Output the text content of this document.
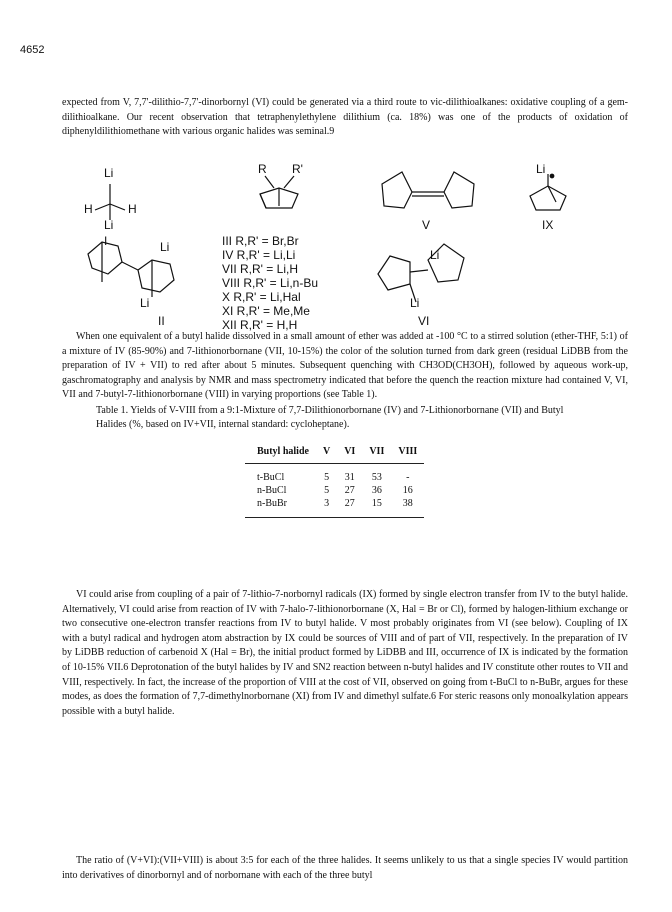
4652

expected from V, 7,7'-dilithio-7,7'-dinorbornyl (VI) could be generated via a third route to vic-dilithioalkanes: oxidative coupling of a gem-dilithioalkane. Our recent observation that tetraphenylethylene dilithium (ca. 18%) was one of the products of oxidation of diphenyldilithiomethane with various organic halides was seminal.9

Li
Li
H	H
Li
Li
R R'
Li
Li
Li
I
II
V
VI
IX
III R,R' = Br,Br
IV R,R' = Li,Li
VII R,R' = Li,H
VIII R,R' = Li,n-Bu
X R,R' = Li,Hal
XI R,R' = Me,Me
XII R,R' = H,H

When one equivalent of a butyl halide dissolved in a small amount of ether was added at -100 °C to a stirred solution (ether-THF, 5:1) of a mixture of IV (85-90%) and 7-lithionorbornane (VII, 10-15%) the color of the solution turned from dark green (residual LiDBB from the preparation of IV + VII) to red after about 5 minutes. Subsequent quenching with CH3OD(CH3OH), followed by aqueous work-up, gaschromatography and analysis by NMR and mass spectrometry indicated that before the quench the reaction mixture had contained V, VI, VII and 7-butyl-7-lithionorbornane (VIII) in varying proportions (see Table 1).

Table 1. Yields of V-VIII from a 9:1-Mixture of 7,7-Dilithionorbornane (IV) and 7-Lithionorbornane (VII) and Butyl Halides (%, based on IV+VII, internal standard: cycloheptane).
Butyl halide	V	VI	VII	VIII
t-BuCl	5	31	53	-
n-BuCl	5	27	36	16
n-BuBr	3	27	15	38

VI could arise from coupling of a pair of 7-lithio-7-norbornyl radicals (IX) formed by single electron transfer from IV to the butyl halide. Alternatively, VI could arise from reaction of IV with 7-halo-7-lithionorbornane (X, Hal = Br or Cl), formed by halogen-lithium exchange or two consecutive one-electron transfer reactions from IV to butyl halide. V most probably originates from VI (see below). Coupling of IX with a butyl radical and hydrogen atom abstraction by IX could be sources of VIII and of part of VII, respectively. In the preparation of IV by LiDBB reduction of carbenoid X (Hal = Br), the initial product formed by LiDBB and III, occurrence of IX is indicated by the formation of 10-15% VII.6 Deprotonation of the butyl halides by IV and SN2 reaction between n-butyl halides and IV constitute other routes to VII and VIII, respectively. In fact, the increase of the proportion of VIII at the cost of VII, observed on going from t-BuCl to n-BuBr, argues for these modes, as does the formation of 7,7-dimethylnorbornane (XI) from IV and dimethyl sulfate.6 For steric reasons only monoalkylation appears possible with a butyl halide.

The ratio of (V+VI):(VII+VIII) is about 3:5 for each of the three halides. It seems unlikely to us that a single species IV would partition into derivatives of dinorbornyl and of norbornane with each of the three butyl
